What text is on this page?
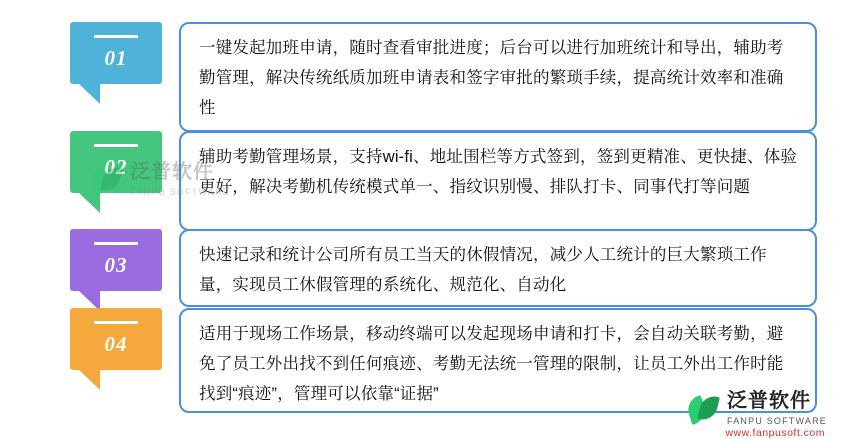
01	一键发起加班申请，随时查看审批进度；后台可以进行加班统计和导出，辅助考勤管理，解决传统纸质加班申请表和签字审批的繁琐手续，提高统计效率和准确性

02	辅助考勤管理场景，支持wi-fi、地址围栏等方式签到，签到更精准、更快捷、体验更好，解决考勤机传统模式单一、指纹识别慢、排队打卡、同事代打等问题

03	快速记录和统计公司所有员工当天的休假情况，减少人工统计的巨大繁琐工作量，实现员工休假管理的系统化、规范化、自动化

04	适用于现场工作场景，移动终端可以发起现场申请和打卡，会自动关联考勤，避免了员工外出找不到任何痕迹、考勤无法统一管理的限制，让员工外出工作时能找到“痕迹”，管理可以依靠“证据”

泛普软件
FANPU SOFTWARE
泛普软件
FANPU SOFTWARE
www.fanpusoft.com
